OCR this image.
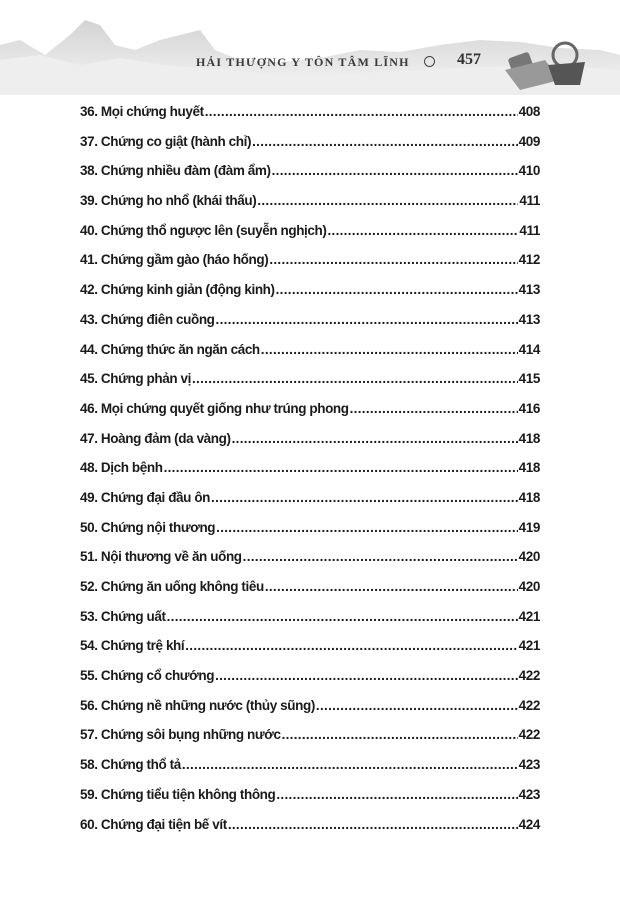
HẢI THƯỢNG Y TÔN TÂM LĨNH	457
36. Mọi chứng huyết .....	408
37. Chứng co giật (hành chỉ) .....	409
38. Chứng nhiều đàm (đàm ẩm) .....	410
39. Chứng ho nhổ (khái thấu) .....	411
40. Chứng thổ ngược lên (suyễn nghịch) .....	411
41. Chứng gầm gào (háo hống) .....	412
42. Chứng kinh giản (động kinh) .....	413
43. Chứng điên cuồng .....	413
44. Chứng thức ăn ngăn cách .....	414
45. Chứng phản vị .....	415
46. Mọi chứng quyết giống như trúng phong .....	416
47. Hoàng đảm (da vàng) .....	418
48. Dịch bệnh .....	418
49. Chứng đại đầu ôn .....	418
50. Chứng nội thương .....	419
51. Nội thương về ăn uống .....	420
52. Chứng ăn uống không tiêu .....	420
53. Chứng uất .....	421
54. Chứng trệ khí .....	421
55. Chứng cổ chướng .....	422
56. Chứng nề những nước (thủy sũng) .....	422
57. Chứng sôi bụng những nước .....	422
58. Chứng thổ tả .....	423
59. Chứng tiểu tiện không thông .....	423
60. Chứng đại tiện bế vít .....	424
